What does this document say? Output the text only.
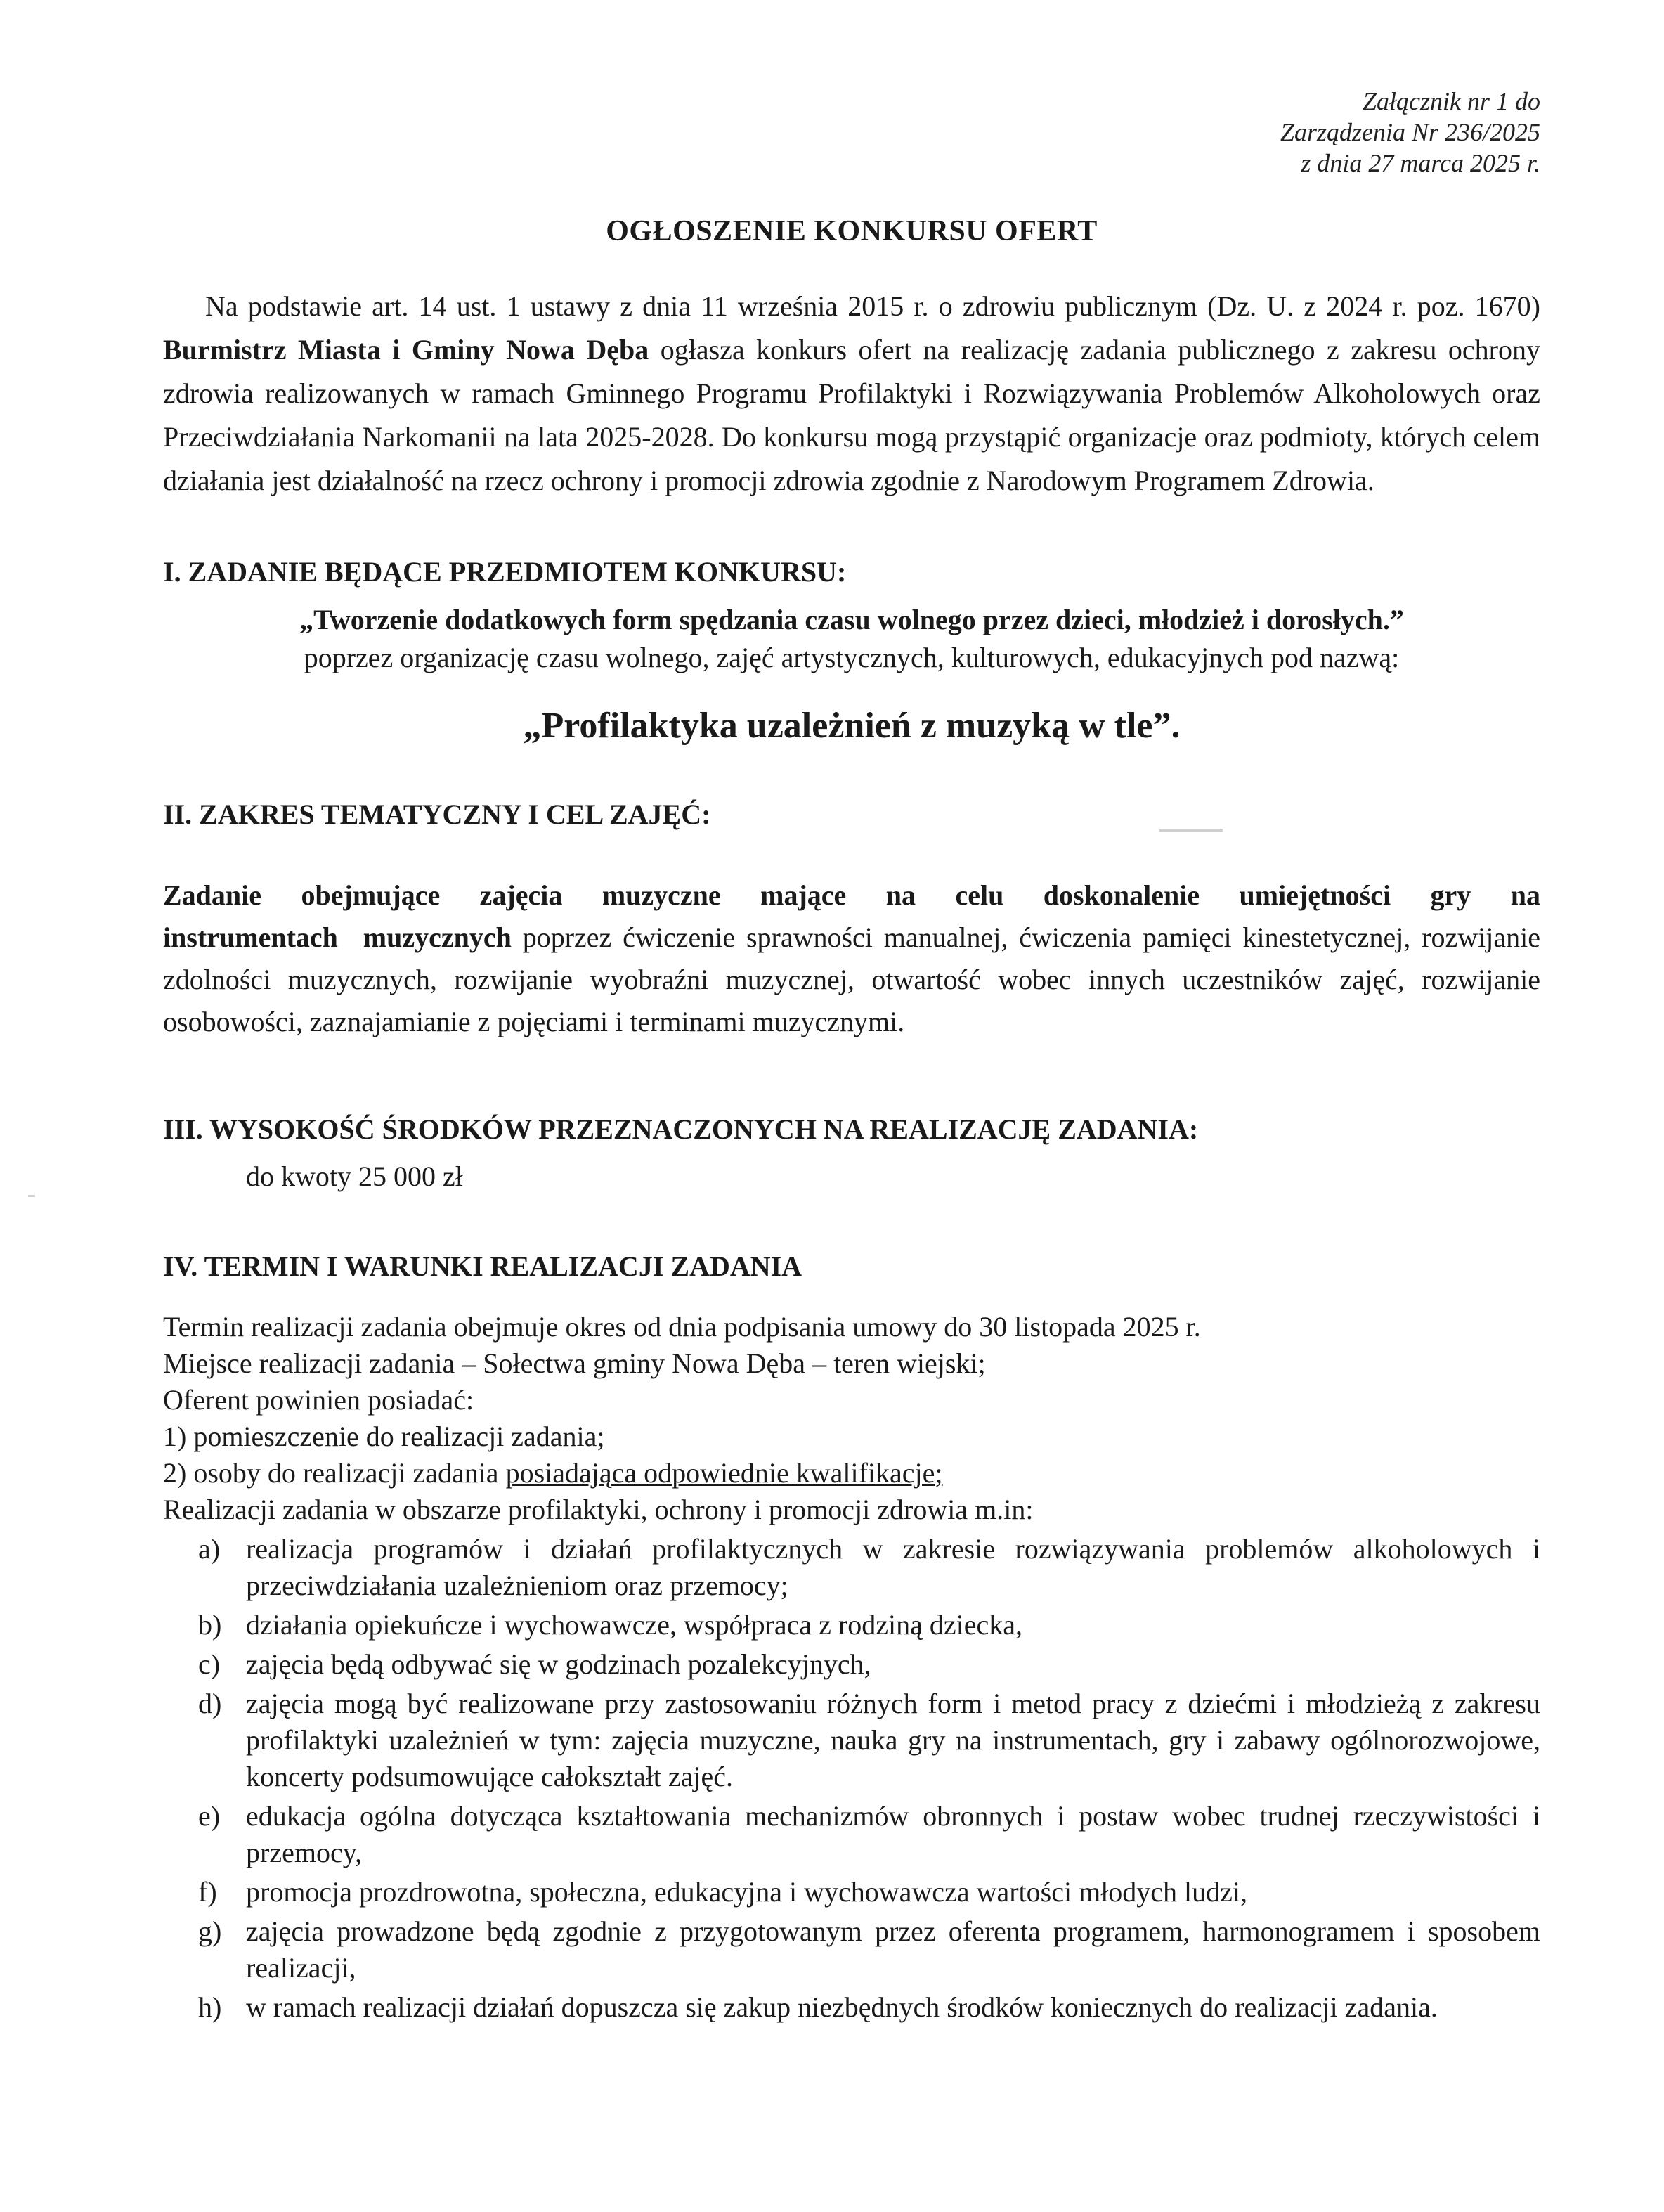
Załącznik nr 1 do
Zarządzenia Nr 236/2025
z dnia 27 marca 2025 r.
OGŁOSZENIE KONKURSU OFERT
Na podstawie art. 14 ust. 1 ustawy z dnia 11 września 2015 r. o zdrowiu publicznym (Dz. U. z 2024 r. poz. 1670) Burmistrz Miasta i Gminy Nowa Dęba ogłasza konkurs ofert na realizację zadania publicznego z zakresu ochrony zdrowia realizowanych w ramach Gminnego Programu Profilaktyki i Rozwiązywania Problemów Alkoholowych oraz Przeciwdziałania Narkomanii na lata 2025-2028. Do konkursu mogą przystąpić organizacje oraz podmioty, których celem działania jest działalność na rzecz ochrony i promocji zdrowia zgodnie z Narodowym Programem Zdrowia.
I. ZADANIE BĘDĄCE PRZEDMIOTEM KONKURSU:
„Tworzenie dodatkowych form spędzania czasu wolnego przez dzieci, młodzież i dorosłych.”
poprzez organizację czasu wolnego, zajęć artystycznych, kulturowych, edukacyjnych pod nazwą:
„Profilaktyka uzależnień z muzyką w tle”.
II. ZAKRES TEMATYCZNY I CEL ZAJĘĆ:
Zadanie obejmujące zajęcia muzyczne mające na celu doskonalenie umiejętności gry na instrumentach muzycznych poprzez ćwiczenie sprawności manualnej, ćwiczenia pamięci kinestetycznej, rozwijanie zdolności muzycznych, rozwijanie wyobraźni muzycznej, otwartość wobec innych uczestników zajęć, rozwijanie osobowości, zaznajamianie z pojęciami i terminami muzycznymi.
III. WYSOKOŚĆ ŚRODKÓW PRZEZNACZONYCH NA REALIZACJĘ ZADANIA:
do kwoty 25 000 zł
IV. TERMIN I WARUNKI REALIZACJI ZADANIA
Termin realizacji zadania obejmuje okres od dnia podpisania umowy do 30 listopada 2025 r.
Miejsce realizacji zadania – Sołectwa gminy Nowa Dęba – teren wiejski;
Oferent powinien posiadać:
1) pomieszczenie do realizacji zadania;
2) osoby do realizacji zadania posiadająca odpowiednie kwalifikacje;
Realizacji zadania w obszarze profilaktyki, ochrony i promocji zdrowia m.in:
a) realizacja programów i działań profilaktycznych w zakresie rozwiązywania problemów alkoholowych i przeciwdziałania uzależnieniom oraz przemocy;
b) działania opiekuńcze i wychowawcze, współpraca z rodziną dziecka,
c) zajęcia będą odbywać się w godzinach pozalekcyjnych,
d) zajęcia mogą być realizowane przy zastosowaniu różnych form i metod pracy z dziećmi i młodzieżą z zakresu profilaktyki uzależnień w tym: zajęcia muzyczne, nauka gry na instrumentach, gry i zabawy ogólnorozwojowe, koncerty podsumowujące całokształt zajęć.
e) edukacja ogólna dotycząca kształtowania mechanizmów obronnych i postaw wobec trudnej rzeczywistości i przemocy,
f) promocja prozdrowotna, społeczna, edukacyjna i wychowawcza wartości młodych ludzi,
g) zajęcia prowadzone będą zgodnie z przygotowanym przez oferenta programem, harmonogramem i sposobem realizacji,
h) w ramach realizacji działań dopuszcza się zakup niezbędnych środków koniecznych do realizacji zadania.
